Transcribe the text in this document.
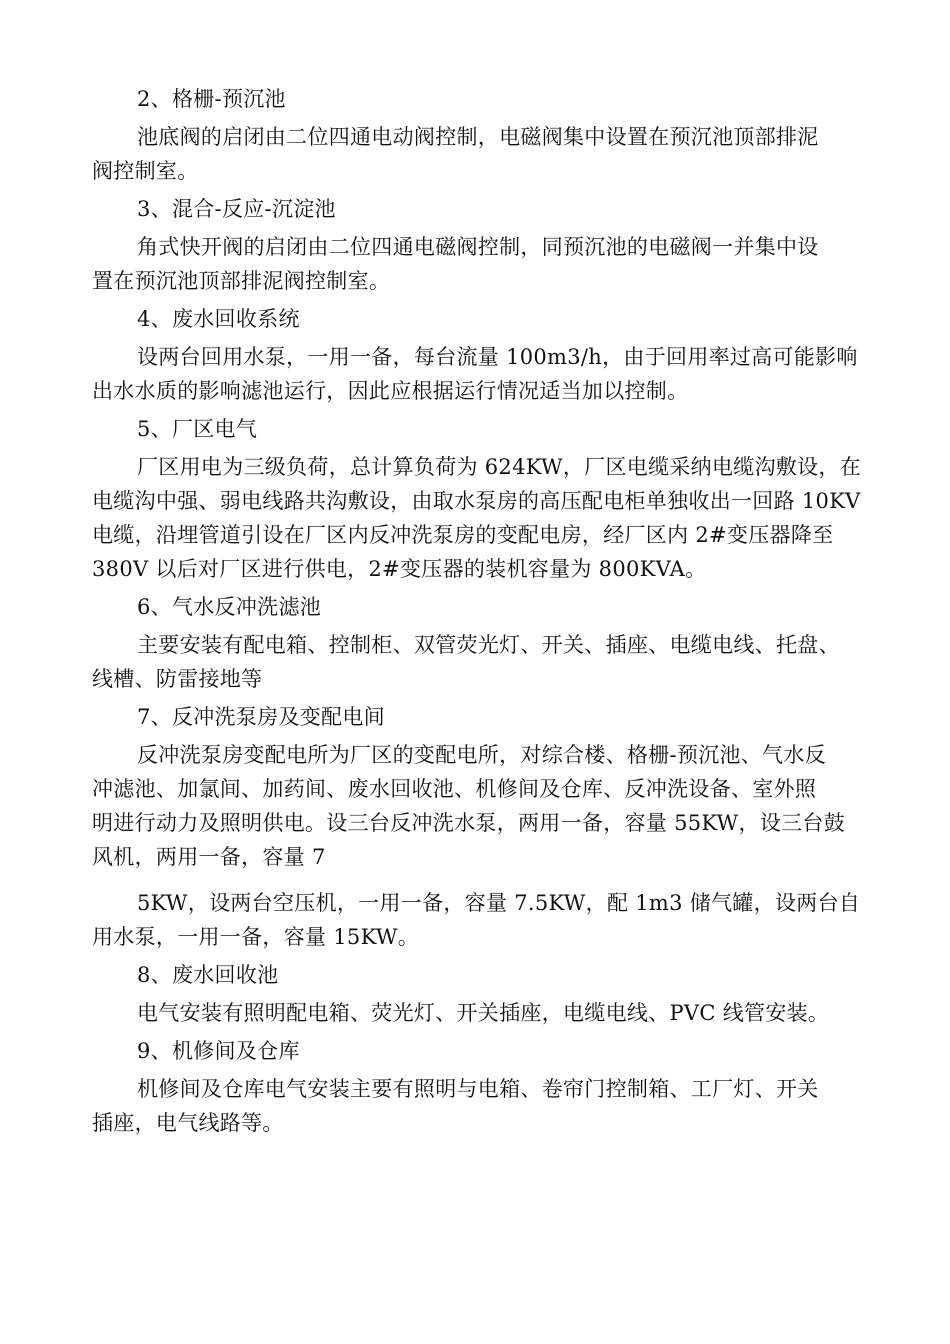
2、格栅-预沉池
池底阀的启闭由二位四通电动阀控制，电磁阀集中设置在预沉池顶部排泥
阀控制室。
3、混合-反应-沉淀池
角式快开阀的启闭由二位四通电磁阀控制，同预沉池的电磁阀一并集中设
置在预沉池顶部排泥阀控制室。
4、废水回收系统
设两台回用水泵，一用一备，每台流量 100m3/h，由于回用率过高可能影响
出水水质的影响滤池运行，因此应根据运行情况适当加以控制。
5、厂区电气
厂区用电为三级负荷，总计算负荷为 624KW，厂区电缆采纳电缆沟敷设，在
电缆沟中强、弱电线路共沟敷设，由取水泵房的高压配电柜单独收出一回路 10KV
电缆，沿埋管道引设在厂区内反冲洗泵房的变配电房，经厂区内 2#变压器降至
380V 以后对厂区进行供电，2#变压器的装机容量为 800KVA。
6、气水反冲洗滤池
主要安装有配电箱、控制柜、双管荧光灯、开关、插座、电缆电线、托盘、
线槽、防雷接地等
7、反冲洗泵房及变配电间
反冲洗泵房变配电所为厂区的变配电所，对综合楼、格栅-预沉池、气水反
冲滤池、加氯间、加药间、废水回收池、机修间及仓库、反冲洗设备、室外照
明进行动力及照明供电。设三台反冲洗水泵，两用一备，容量 55KW，设三台鼓
风机，两用一备，容量 7
5KW，设两台空压机，一用一备，容量 7.5KW，配 1m3 储气罐，设两台自
用水泵，一用一备，容量 15KW。
8、废水回收池
电气安装有照明配电箱、荧光灯、开关插座，电缆电线、PVC 线管安装。
9、机修间及仓库
机修间及仓库电气安装主要有照明与电箱、卷帘门控制箱、工厂灯、开关
插座，电气线路等。
